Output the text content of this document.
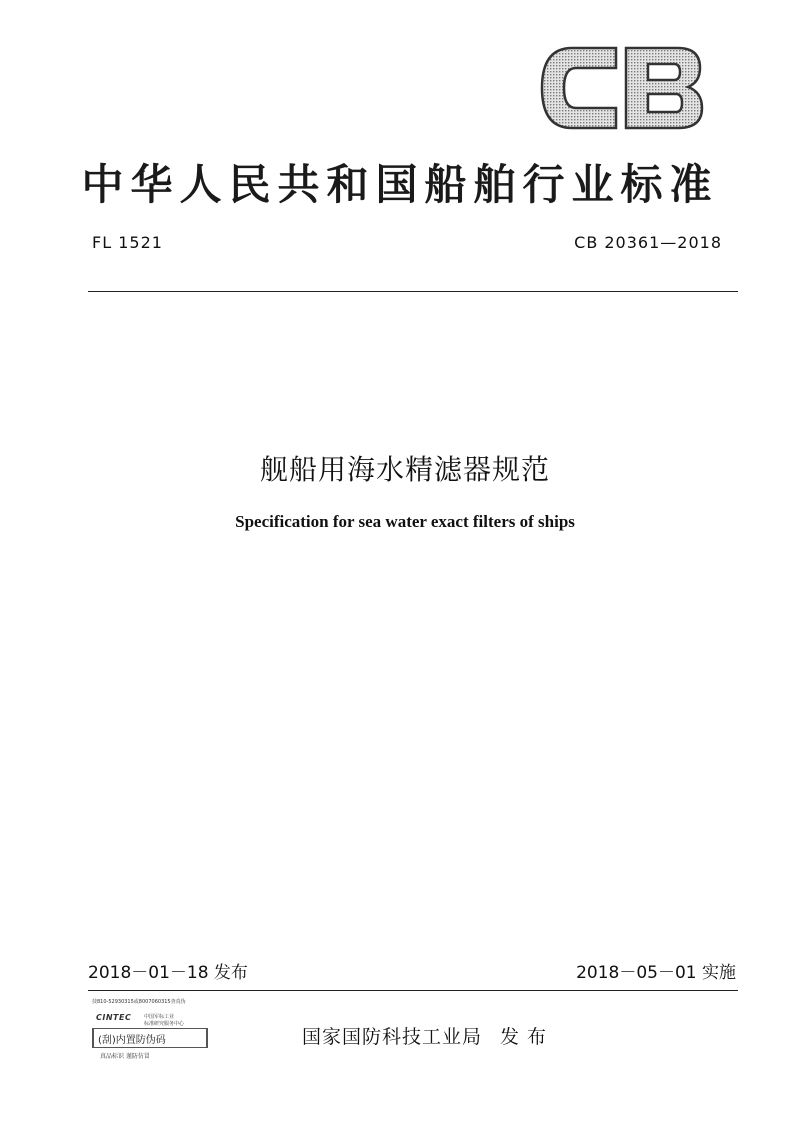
中华人民共和国船舶行业标准
FL 1521	CB 20361—2018
舰船用海水精滤器规范
Specification for sea water exact filters of ships
2018－01－18 发布	2018－05－01 实施
技810-52930315或8007060315查真伪
CINTEC	中国军标工业
标准研究服务中心
(刮)内置防伪码
真品标识 谨防仿冒
国家国防科技工业局 发 布
